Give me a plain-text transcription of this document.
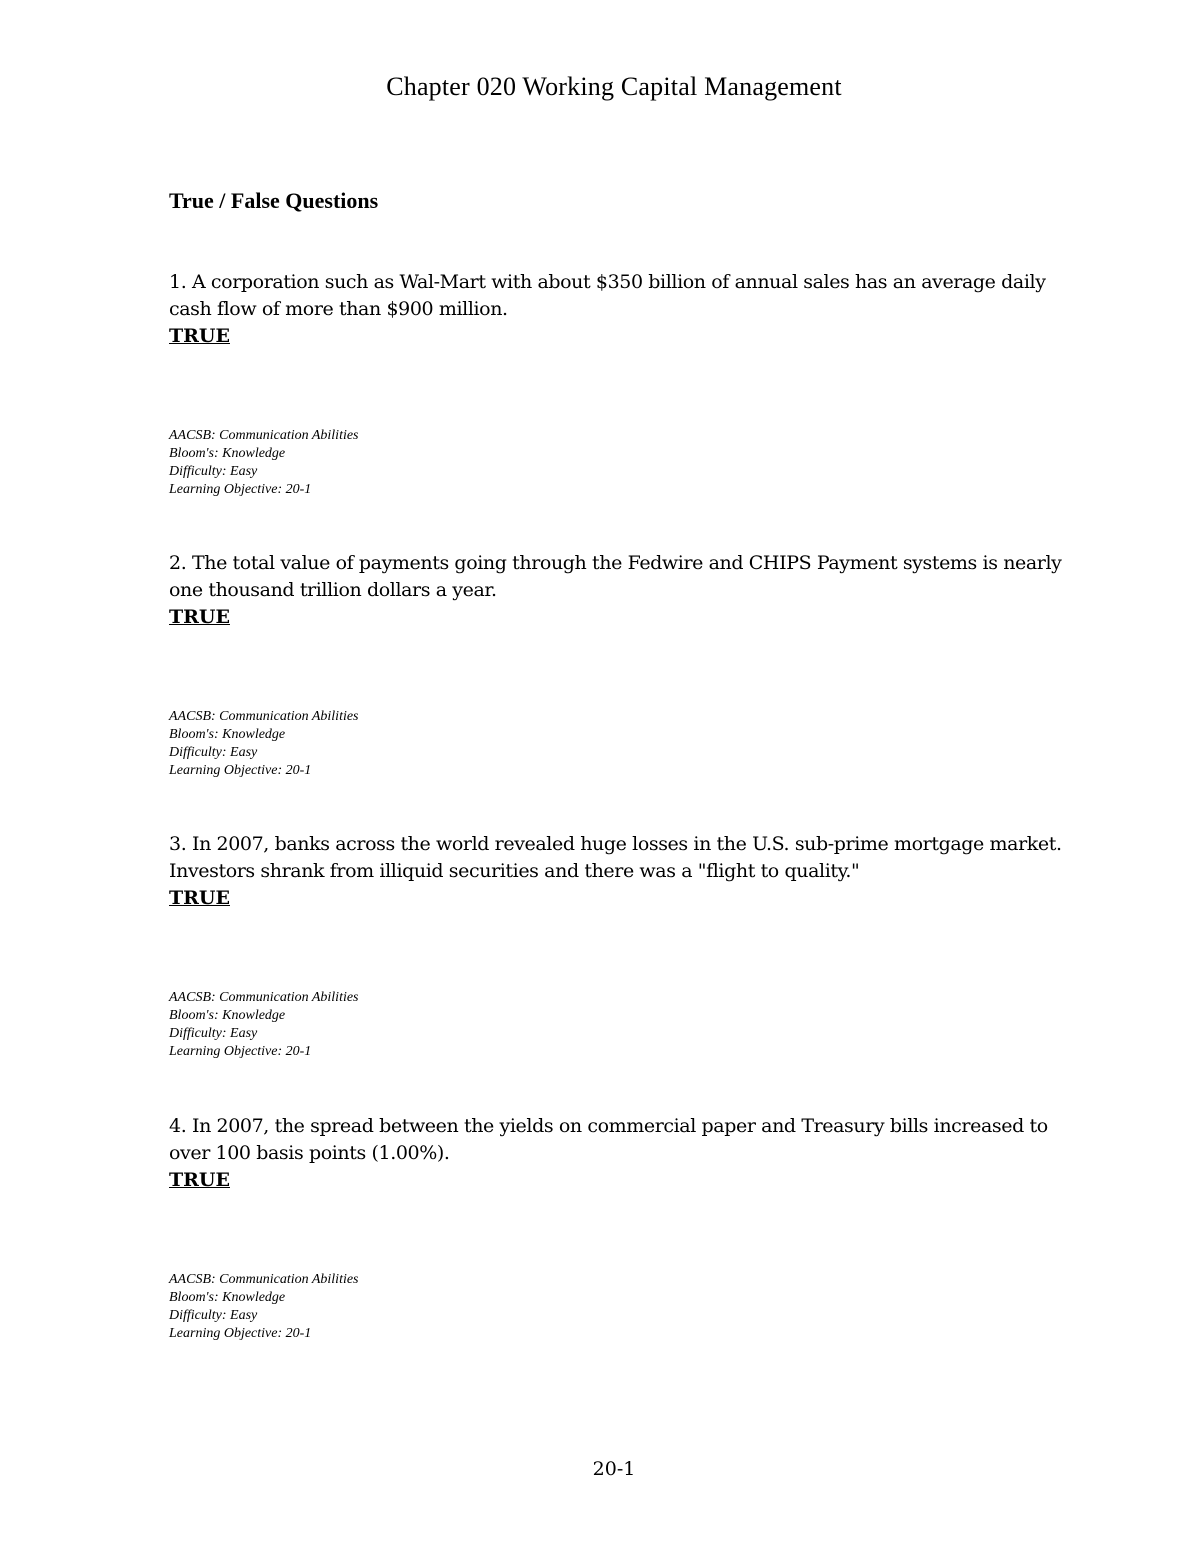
Chapter 020 Working Capital Management
True / False Questions

1. A corporation such as Wal-Mart with about $350 billion of annual sales has an average daily cash flow of more than $900 million.

TRUE

AACSB: Communication Abilities
Bloom's: Knowledge
Difficulty: Easy
Learning Objective: 20-1

2. The total value of payments going through the Fedwire and CHIPS Payment systems is nearly one thousand trillion dollars a year.

TRUE

AACSB: Communication Abilities
Bloom's: Knowledge
Difficulty: Easy
Learning Objective: 20-1

3. In 2007, banks across the world revealed huge losses in the U.S. sub-prime mortgage market. Investors shrank from illiquid securities and there was a "flight to quality."

TRUE

AACSB: Communication Abilities
Bloom's: Knowledge
Difficulty: Easy
Learning Objective: 20-1

4. In 2007, the spread between the yields on commercial paper and Treasury bills increased to over 100 basis points (1.00%).

TRUE

AACSB: Communication Abilities
Bloom's: Knowledge
Difficulty: Easy
Learning Objective: 20-1

20-1
